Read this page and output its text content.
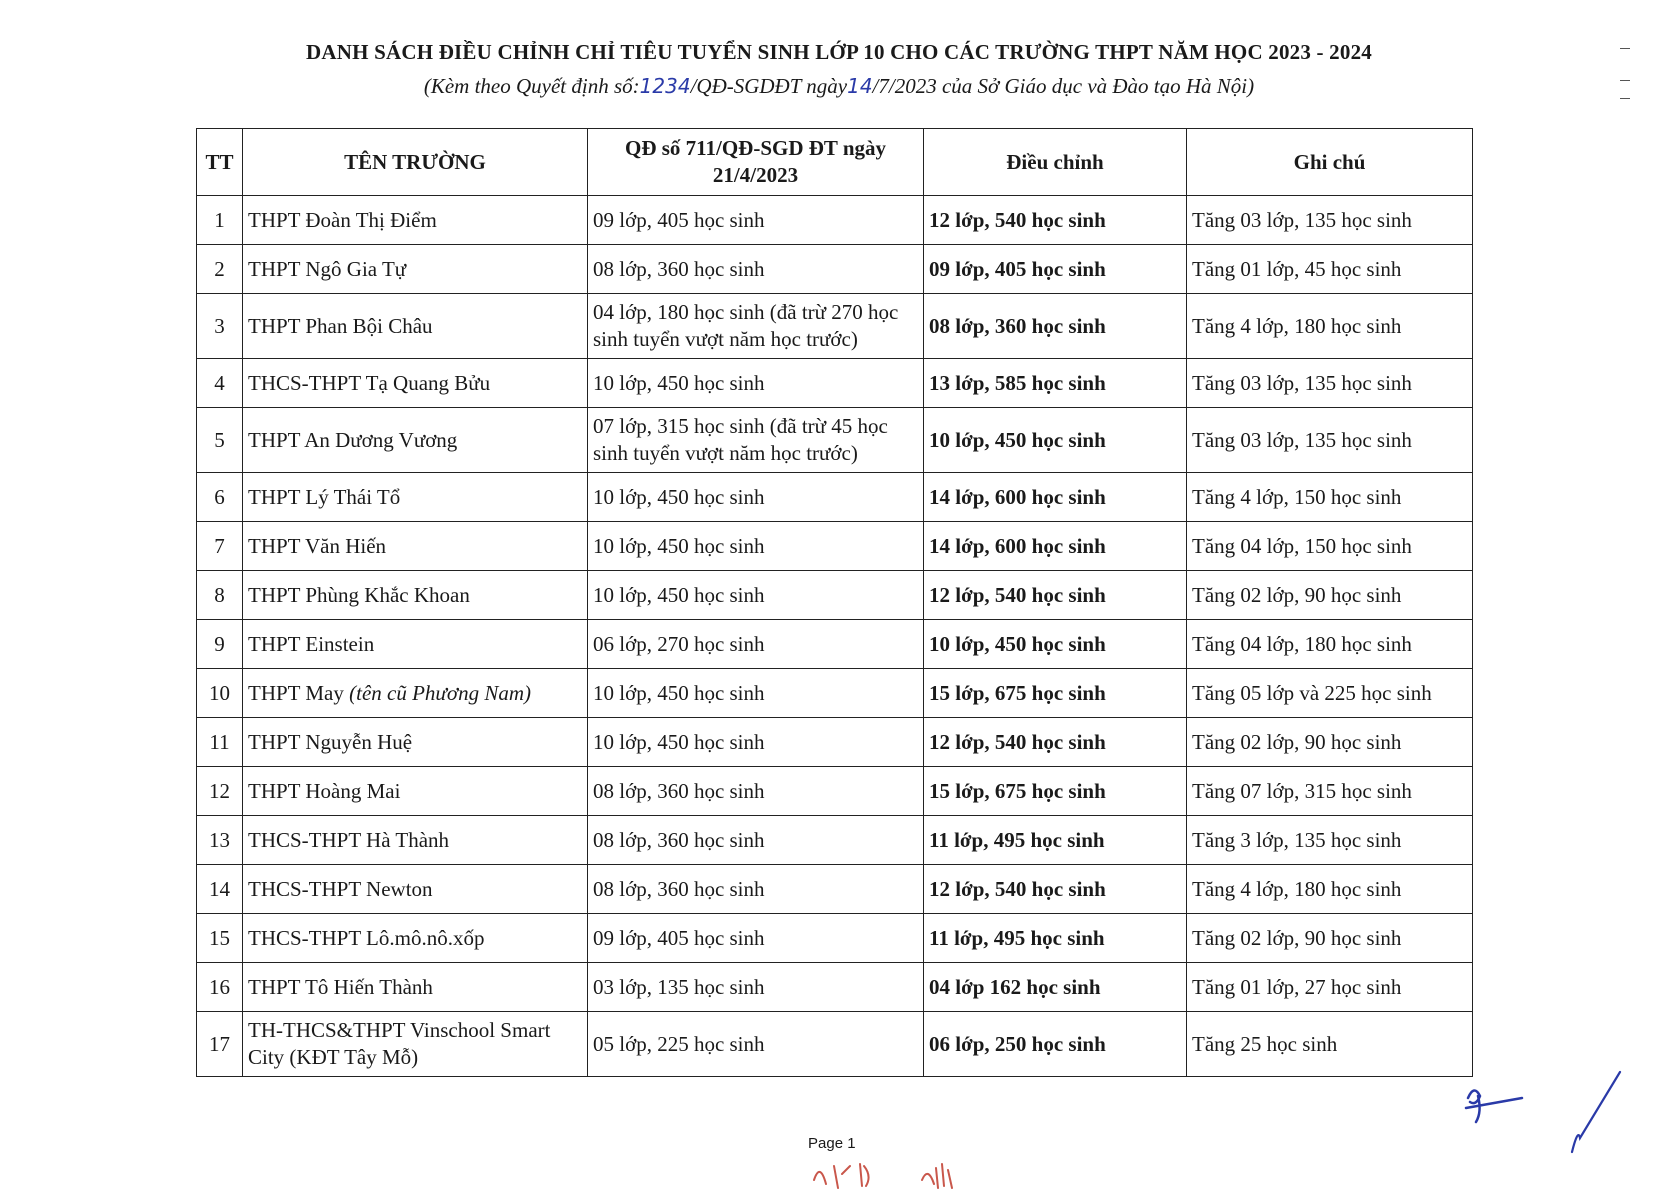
DANH SÁCH ĐIỀU CHỈNH CHỈ TIÊU TUYỂN SINH LỚP 10 CHO CÁC TRƯỜNG THPT NĂM HỌC 2023 - 2024
(Kèm theo Quyết định số:1234/QĐ-SGDĐT ngày14/7/2023 của Sở Giáo dục và Đào tạo Hà Nội)
TT	TÊN TRƯỜNG	QĐ số 711/QĐ-SGD ĐT ngày 21/4/2023	Điều chỉnh	Ghi chú
1	THPT Đoàn Thị Điểm	09 lớp, 405 học sinh	12 lớp, 540 học sinh	Tăng 03 lớp, 135 học sinh
2	THPT Ngô Gia Tự	08 lớp, 360 học sinh	09 lớp, 405 học sinh	Tăng 01 lớp, 45 học sinh
3	THPT Phan Bội Châu	04 lớp, 180 học sinh (đã trừ 270 học sinh tuyển vượt năm học trước)	08 lớp, 360 học sinh	Tăng 4 lớp, 180 học sinh
4	THCS-THPT Tạ Quang Bửu	10 lớp, 450 học sinh	13 lớp, 585 học sinh	Tăng 03 lớp, 135 học sinh
5	THPT An Dương Vương	07 lớp, 315 học sinh (đã trừ 45 học sinh tuyển vượt năm học trước)	10 lớp, 450 học sinh	Tăng 03 lớp, 135 học sinh
6	THPT Lý Thái Tổ	10 lớp, 450 học sinh	14 lớp, 600 học sinh	Tăng 4 lớp, 150 học sinh
7	THPT Văn Hiến	10 lớp, 450 học sinh	14 lớp, 600 học sinh	Tăng 04 lớp, 150 học sinh
8	THPT Phùng Khắc Khoan	10 lớp, 450 học sinh	12 lớp, 540 học sinh	Tăng 02 lớp, 90 học sinh
9	THPT Einstein	06 lớp, 270 học sinh	10 lớp, 450 học sinh	Tăng 04 lớp, 180 học sinh
10	THPT May (tên cũ Phương Nam)	10 lớp, 450 học sinh	15 lớp, 675 học sinh	Tăng 05 lớp và 225 học sinh
11	THPT Nguyễn Huệ	10 lớp, 450 học sinh	12 lớp, 540 học sinh	Tăng 02 lớp, 90 học sinh
12	THPT Hoàng Mai	08 lớp, 360 học sinh	15 lớp, 675 học sinh	Tăng 07 lớp, 315 học sinh
13	THCS-THPT Hà Thành	08 lớp, 360 học sinh	11 lớp, 495 học sinh	Tăng 3 lớp, 135 học sinh
14	THCS-THPT Newton	08 lớp, 360 học sinh	12 lớp, 540 học sinh	Tăng 4 lớp, 180 học sinh
15	THCS-THPT Lô.mô.nô.xốp	09 lớp, 405 học sinh	11 lớp, 495 học sinh	Tăng 02 lớp, 90 học sinh
16	THPT Tô Hiến Thành	03 lớp, 135 học sinh	04 lớp 162 học sinh	Tăng 01 lớp, 27 học sinh
17	TH-THCS&THPT Vinschool Smart City (KĐT Tây Mỗ)	05 lớp, 225 học sinh	06 lớp, 250 học sinh	Tăng 25 học sinh
Page 1
